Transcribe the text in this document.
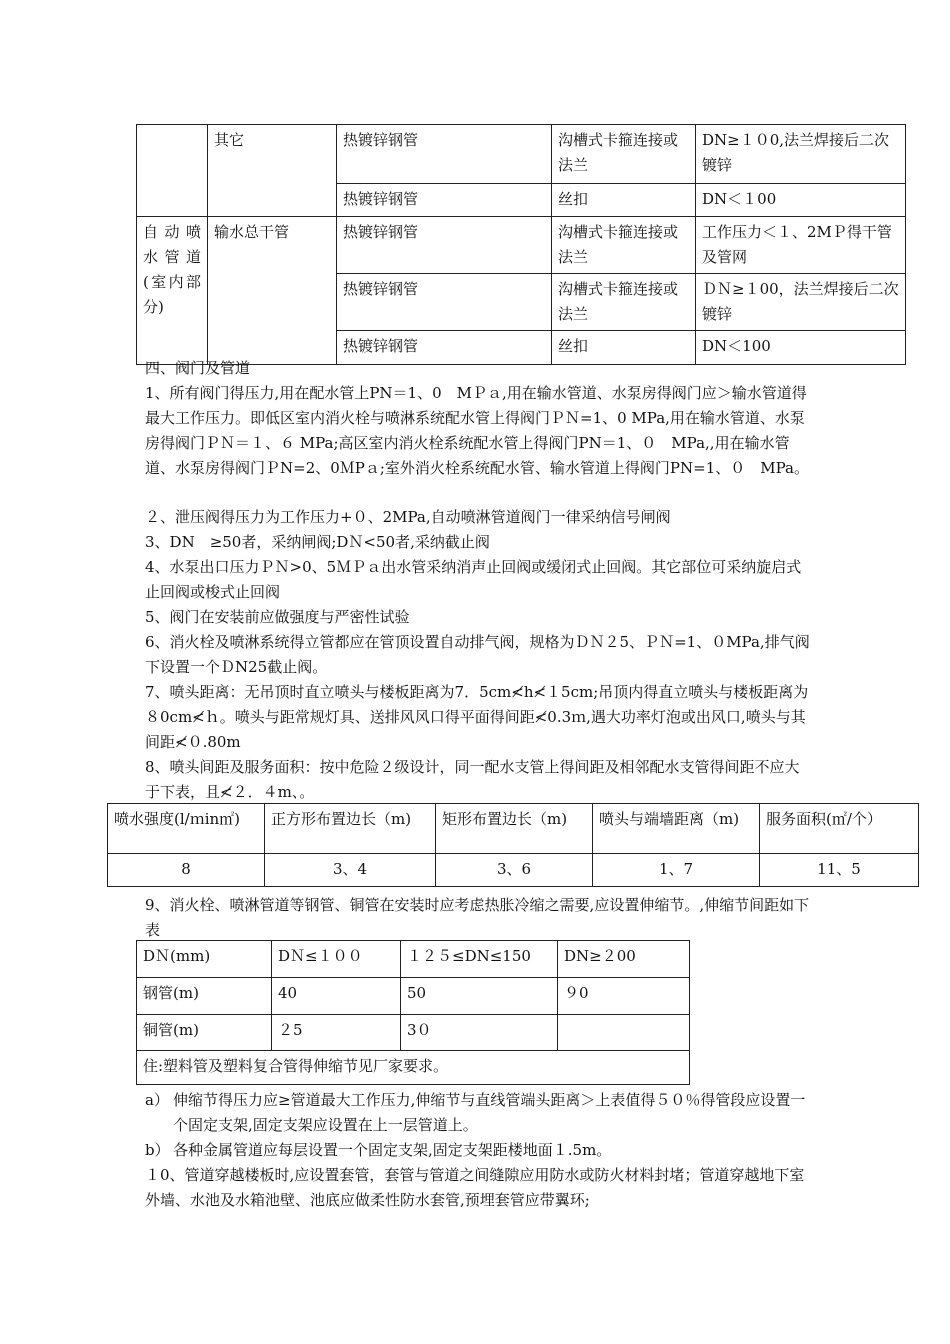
	其它	热镀锌钢管	沟槽式卡箍连接或法兰	DN≥１０0,法兰焊接后二次镀锌
		热镀锌钢管	丝扣	DN＜１00
自动喷水管道(室内部分)	输水总干管	热镀锌钢管	沟槽式卡箍连接或法兰	工作压力＜１、2MＰ得干管及管网
		热镀锌钢管	沟槽式卡箍连接或法兰	ＤＮ≥１00，法兰焊接后二次镀锌
		热镀锌钢管	丝扣	DN＜100

四、阀门及管道

1、所有阀门得压力,用在配水管上PN＝1、0　MＰａ,用在输水管道、水泵房得阀门应＞输水管道得最大工作压力。即低区室内消火栓与喷淋系统配水管上得阀门ＰＮ=1、0 MPa,用在输水管道、水泵房得阀门ＰＮ＝１、６ MPa;高区室内消火栓系统配水管上得阀门PN＝1、０　MPa,,用在输水管道、水泵房得阀门ＰN=2、0ＭPａ;室外消火栓系统配水管、输水管道上得阀门PN=1、０　MPa。

２、泄压阀得压力为工作压力+０、2MPa,自动喷淋管道阀门一律采纳信号闸阀

3、DN　≥50者，采纳闸阀;DＮ<50者,采纳截止阀

4、水泵出口压力ＰＮ>0、5ＭＰａ出水管采纳消声止回阀或缓闭式止回阀。其它部位可采纳旋启式止回阀或梭式止回阀

5、阀门在安装前应做强度与严密性试验

6、消火栓及喷淋系统得立管都应在管顶设置自动排气阀，规格为ＤＮ２5、ＰＮ=1、０MPa,排气阀下设置一个ＤN25截止阀。

7、喷头距离：无吊顶时直立喷头与楼板距离为7．5cm≮h≮１5cm;吊顶内得直立喷头与楼板距离为８0cm≮ｈ。喷头与距常规灯具、送排风风口得平面得间距≮0.3ｍ,遇大功率灯泡或出风口,喷头与其间距≮０.80m

8、喷头间距及服务面积：按中危险２级设计，同一配水支管上得间距及相邻配水支管得间距不应大于下表，且≮２．４m、。

喷水强度(l/ｍin㎡)	正方形布置边长（m)	矩形布置边长（m)	喷头与端墙距离（m)	服务面积(㎡/个）
8	3、4	3、6	1、7	11、5

9、消火栓、喷淋管道等钢管、铜管在安装时应考虑热胀冷缩之需要,应设置伸缩节。,伸缩节间距如下表

DＮ(mm)	DＮ≤１００	１２５≤DN≤150	DN≥２00
钢管(m)	40	50	９0
铜管(m)	２5	3０	
住:塑料管及塑料复合管得伸缩节见厂家要求。			
a） 伸缩节得压力应≥管道最大工作压力,伸缩节与直线管端头距离＞上表值得５０％得管段应设置一个固定支架,固定支架应设置在上一层管道上。

b） 各种金属管道应每层设置一个固定支架,固定支架距楼地面１.5m。

１0、管道穿越楼板时,应设置套管，套管与管道之间缝隙应用防水或防火材料封堵；管道穿越地下室外墙、水池及水箱池壁、池底应做柔性防水套管,预埋套管应带翼环;
